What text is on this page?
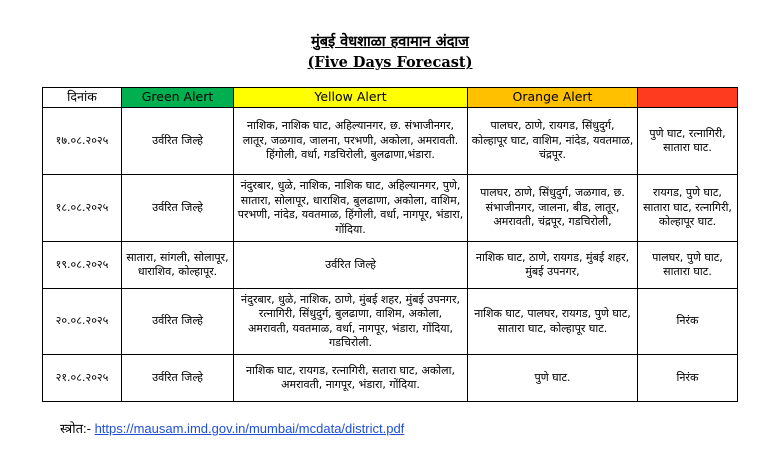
मुंबई वेधशाळा हवामान अंदाज
(Five Days Forecast)
दिनांक	Green Alert	Yellow Alert	Orange Alert	
१७.०८.२०२५	उर्वरित जिल्हे	नाशिक, नाशिक घाट, अहिल्यानगर, छ. संभाजीनगर, लातूर, जळगाव, जालना, परभणी, अकोला, अमरावती. हिंगोली, वर्धा, गडचिरोली, बुलढाणा,भंडारा.	पालघर, ठाणे, रायगड, सिंधुदुर्ग, कोल्हापूर घाट, वाशिम, नांदेड, यवतमाळ, चंद्रपूर.	पुणे घाट, रत्नागिरी, सातारा घाट.
१८.०८.२०२५	उर्वरित जिल्हे	नंदुरबार, धुळे, नाशिक, नाशिक घाट, अहिल्यानगर, पुणे, सातारा, सोलापूर, धाराशिव, बुलढाणा, अकोला, वाशिम, परभणी, नांदेड, यवतमाळ, हिंगोली, वर्धा, नागपूर, भंडारा, गोंदिया.	पालघर, ठाणे, सिंधुदुर्ग, जळगाव, छ. संभाजीनगर, जालना, बीड, लातूर, अमरावती, चंद्रपूर, गडचिरोली,	रायगड, पुणे घाट, सातारा घाट, रत्नागिरी, कोल्हापूर घाट.
१९.०८.२०२५	सातारा, सांगली, सोलापूर, धाराशिव, कोल्हापूर.	उर्वरित जिल्हे	नाशिक घाट, ठाणे, रायगड, मुंबई शहर, मुंबई उपनगर,	पालघर, पुणे घाट, सातारा घाट.
२०.०८.२०२५	उर्वरित जिल्हे	नंदुरबार, धुळे, नाशिक, ठाणे, मुंबई शहर, मुंबई उपनगर, रत्नागिरी, सिंधुदुर्ग, बुलढाणा, वाशिम, अकोला, अमरावती, यवतमाळ, वर्धा, नागपूर, भंडारा, गोंदिया, गडचिरोली.	नाशिक घाट, पालघर, रायगड, पुणे घाट, सातारा घाट, कोल्हापूर घाट.	निरंक
२१.०८.२०२५	उर्वरित जिल्हे	नाशिक घाट, रायगड, रत्नागिरी, सतारा घाट, अकोला, अमरावती, नागपूर, भंडारा, गोंदिया.	पुणे घाट.	निरंक
स्त्रोत:- https://mausam.imd.gov.in/mumbai/mcdata/district.pdf
